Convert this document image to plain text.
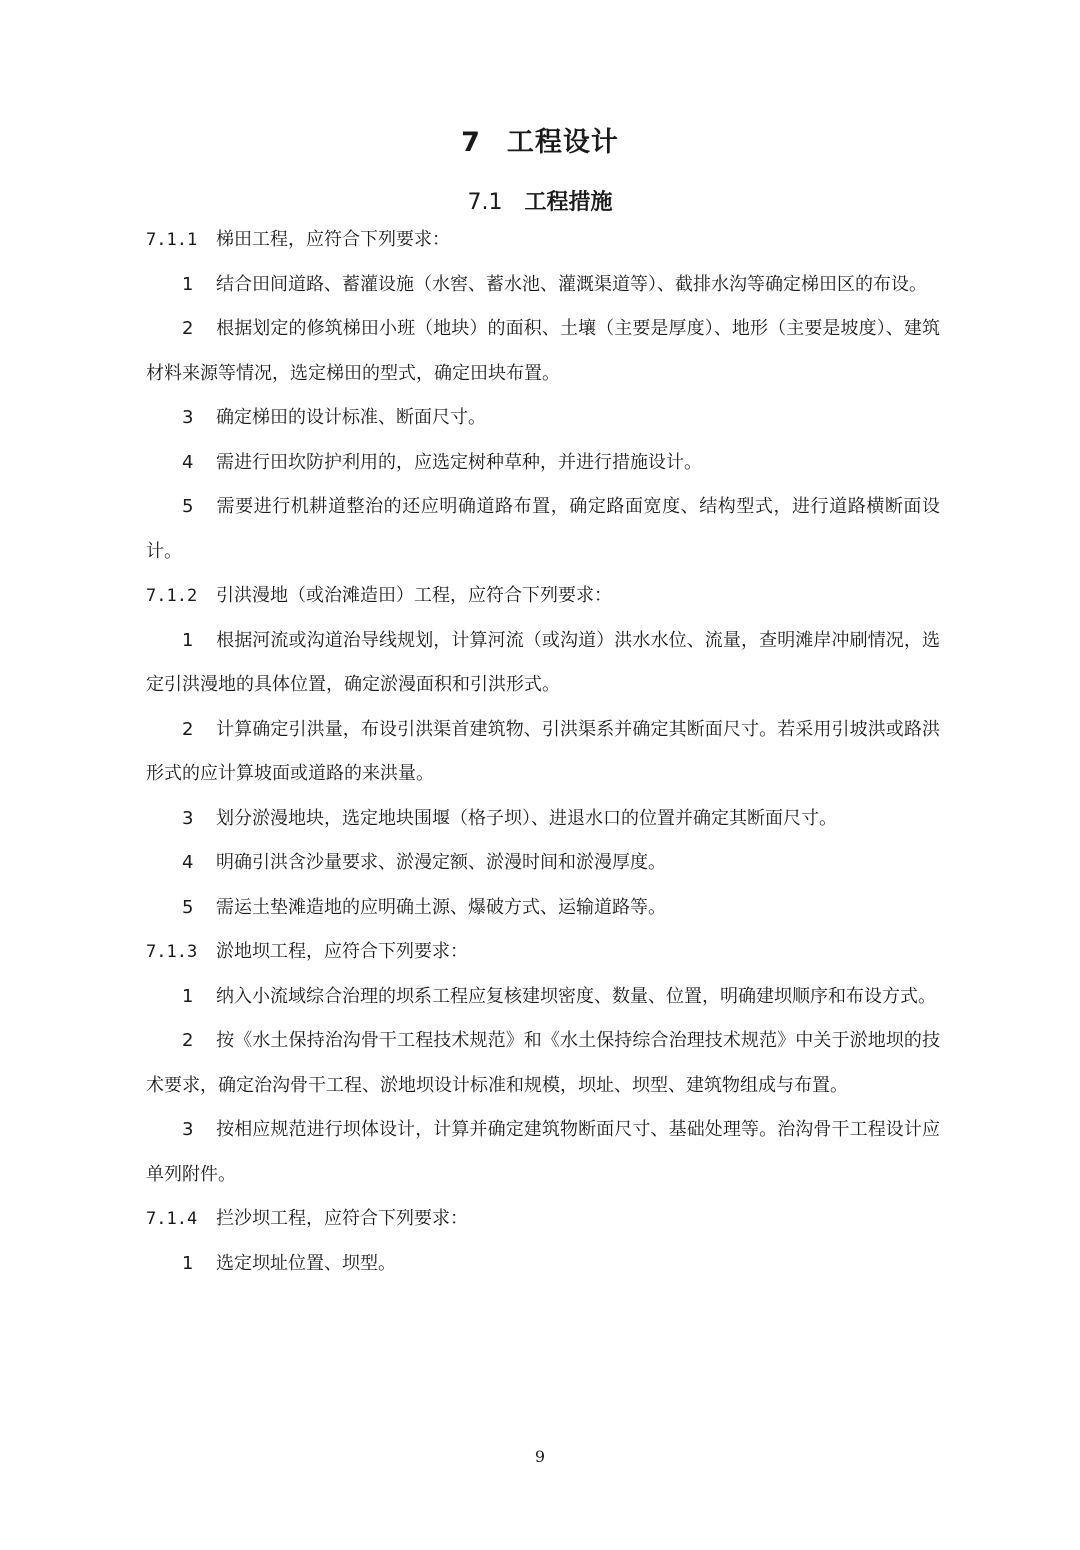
7 工程设计
7.1 工程措施
7.1.1	梯田工程，应符合下列要求：
1 结合田间道路、蓄灌设施（水窖、蓄水池、灌溉渠道等）、截排水沟等确定梯田区的布设。
2 根据划定的修筑梯田小班（地块）的面积、土壤（主要是厚度）、地形（主要是坡度）、建筑材料来源等情况，选定梯田的型式，确定田块布置。
3 确定梯田的设计标准、断面尺寸。
4 需进行田坎防护利用的，应选定树种草种，并进行措施设计。
5 需要进行机耕道整治的还应明确道路布置，确定路面宽度、结构型式，进行道路横断面设计。
7.1.2	引洪漫地（或治滩造田）工程，应符合下列要求：
1 根据河流或沟道治导线规划，计算河流（或沟道）洪水水位、流量，查明滩岸冲刷情况，选定引洪漫地的具体位置，确定淤漫面积和引洪形式。
2 计算确定引洪量，布设引洪渠首建筑物、引洪渠系并确定其断面尺寸。若采用引坡洪或路洪形式的应计算坡面或道路的来洪量。
3 划分淤漫地块，选定地块围堰（格子坝）、进退水口的位置并确定其断面尺寸。
4 明确引洪含沙量要求、淤漫定额、淤漫时间和淤漫厚度。
5 需运土垫滩造地的应明确土源、爆破方式、运输道路等。
7.1.3	淤地坝工程，应符合下列要求：
1 纳入小流域综合治理的坝系工程应复核建坝密度、数量、位置，明确建坝顺序和布设方式。
2 按《水土保持治沟骨干工程技术规范》和《水土保持综合治理技术规范》中关于淤地坝的技术要求，确定治沟骨干工程、淤地坝设计标准和规模，坝址、坝型、建筑物组成与布置。
3 按相应规范进行坝体设计，计算并确定建筑物断面尺寸、基础处理等。治沟骨干工程设计应单列附件。
7.1.4	拦沙坝工程，应符合下列要求：
1 选定坝址位置、坝型。
9
